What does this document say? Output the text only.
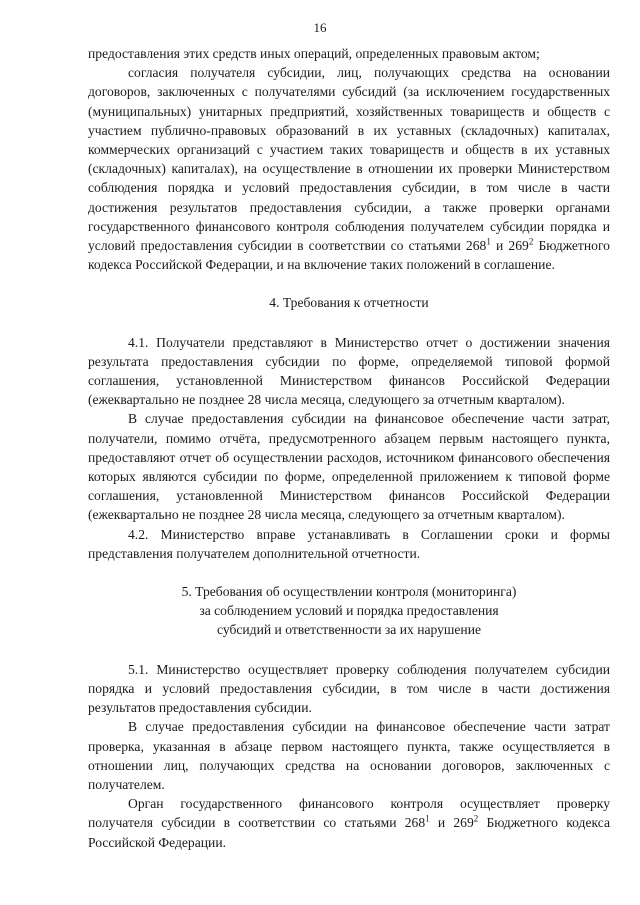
16

предоставления этих средств иных операций, определенных правовым актом;

согласия получателя субсидии, лиц, получающих средства на основании договоров, заключенных с получателями субсидий (за исключением государственных (муниципальных) унитарных предприятий, хозяйственных товариществ и обществ с участием публично-правовых образований в их уставных (складочных) капиталах, коммерческих организаций с участием таких товариществ и обществ в их уставных (складочных) капиталах), на осуществление в отношении их проверки Министерством соблюдения порядка и условий предоставления субсидии, в том числе в части достижения результатов предоставления субсидии, а также проверки органами государственного финансового контроля соблюдения получателем субсидии порядка и условий предоставления субсидии в соответствии со статьями $268^1$ и $269^2$ Бюджетного кодекса Российской Федерации, и на включение таких положений в соглашение.

4. Требования к отчетности

4.1. Получатели представляют в Министерство отчет о достижении значения результата предоставления субсидии по форме, определяемой типовой формой соглашения, установленной Министерством финансов Российской Федерации (ежеквартально не позднее 28 числа месяца, следующего за отчетным кварталом).

В случае предоставления субсидии на финансовое обеспечение части затрат, получатели, помимо отчёта, предусмотренного абзацем первым настоящего пункта, предоставляют отчет об осуществлении расходов, источником финансового обеспечения которых являются субсидии по форме, определенной приложением к типовой форме соглашения, установленной Министерством финансов Российской Федерации (ежеквартально не позднее 28 числа месяца, следующего за отчетным кварталом).

4.2. Министерство вправе устанавливать в Соглашении сроки и формы представления получателем дополнительной отчетности.

5. Требования об осуществлении контроля (мониторинга)

за соблюдением условий и порядка предоставления

субсидий и ответственности за их нарушение

5.1. Министерство осуществляет проверку соблюдения получателем субсидии порядка и условий предоставления субсидии, в том числе в части достижения результатов предоставления субсидии.

В случае предоставления субсидии на финансовое обеспечение части затрат проверка, указанная в абзаце первом настоящего пункта, также осуществляется в отношении лиц, получающих средства на основании договоров, заключенных с получателем.

Орган государственного финансового контроля осуществляет проверку получателя субсидии в соответствии со статьями $268^1$ и $269^2$ Бюджетного кодекса Российской Федерации.
